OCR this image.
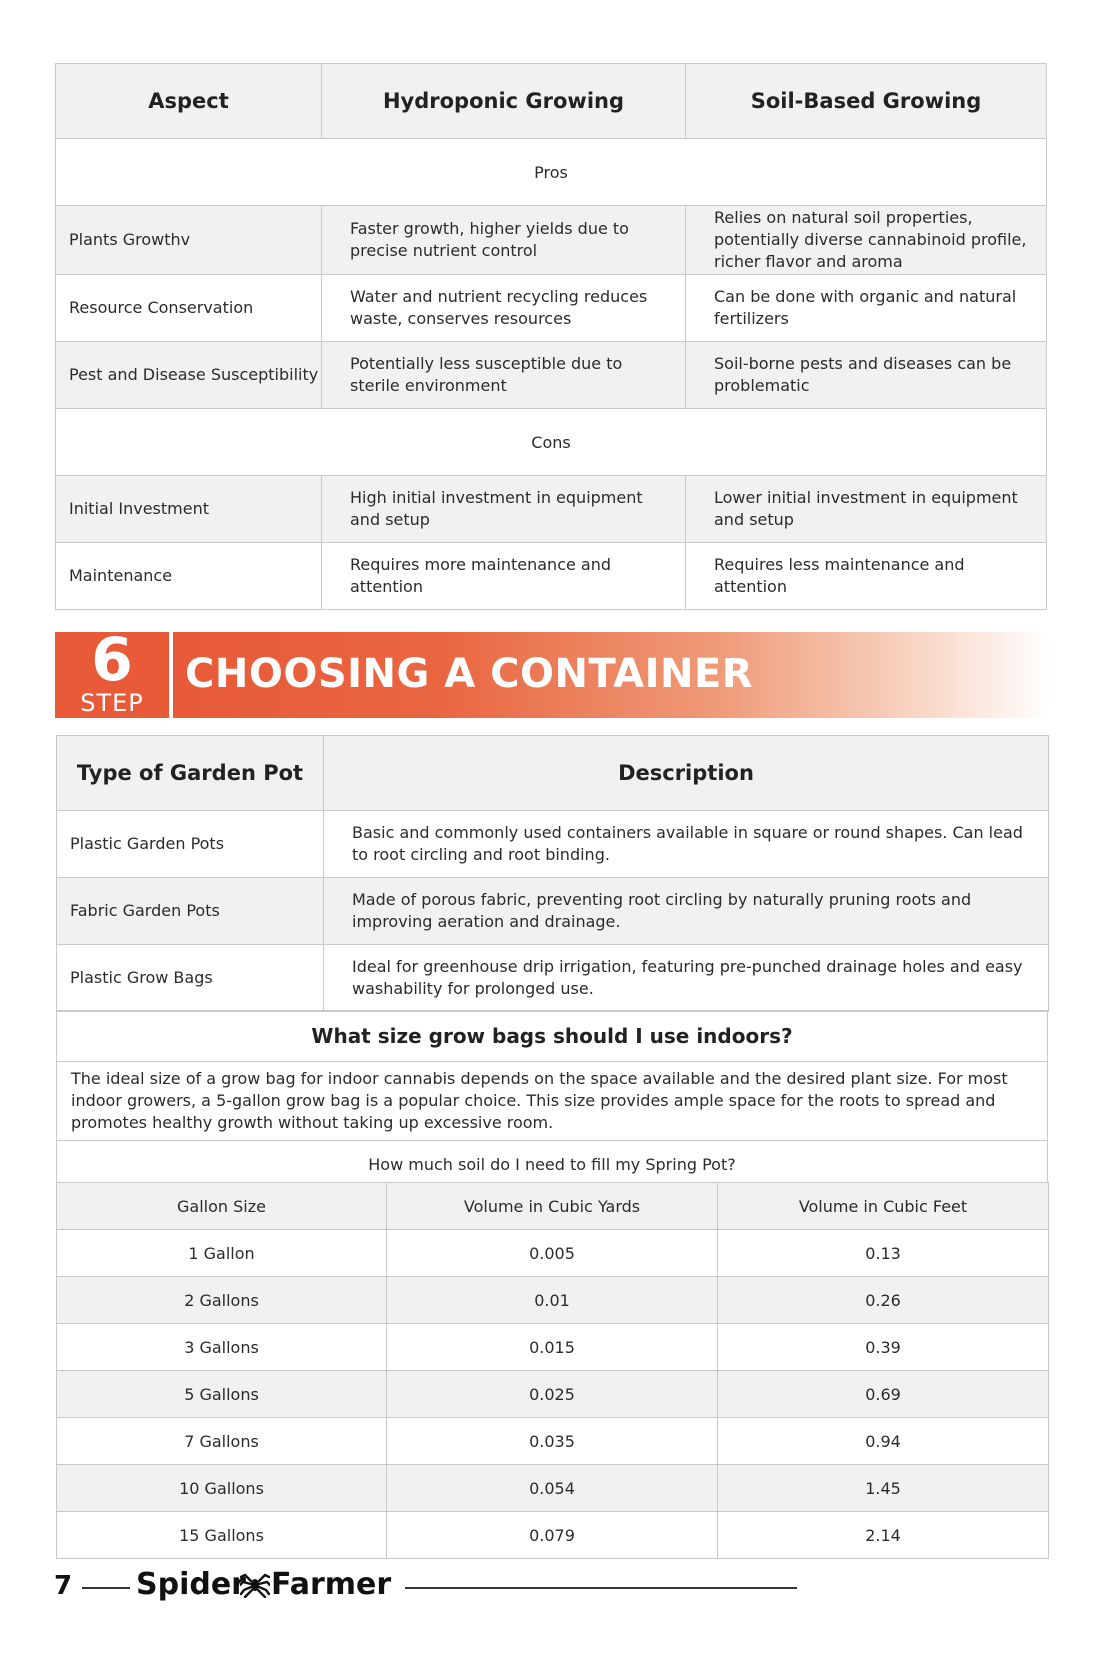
Aspect	Hydroponic Growing	Soil-Based Growing
Pros		
Plants Growthv	Faster growth, higher yields due to precise nutrient control	Relies on natural soil properties, potentially diverse cannabinoid profile, richer flavor and aroma
Resource Conservation	Water and nutrient recycling reduces waste, conserves resources	Can be done with organic and natural fertilizers
Pest and Disease Susceptibility	Potentially less susceptible due to sterile environment	Soil-borne pests and diseases can be problematic
Cons		
Initial Investment	High initial investment in equipment and setup	Lower initial investment in equipment and setup
Maintenance	Requires more maintenance and attention	Requires less maintenance and attention
6
STEP
CHOOSING A CONTAINER
Type of Garden Pot	Description
Plastic Garden Pots	Basic and commonly used containers available in square or round shapes. Can lead to root circling and root binding.
Fabric Garden Pots	Made of porous fabric, preventing root circling by naturally pruning roots and improving aeration and drainage.
Plastic Grow Bags	Ideal for greenhouse drip irrigation, featuring pre-punched drainage holes and easy washability for prolonged use.
What size grow bags should I use indoors?
The ideal size of a grow bag for indoor cannabis depends on the space available and the desired plant size. For most indoor growers, a 5-gallon grow bag is a popular choice. This size provides ample space for the roots to spread and promotes healthy growth without taking up excessive room.
How much soil do I need to fill my Spring Pot?
Gallon Size	Volume in Cubic Yards	Volume in Cubic Feet
1 Gallon	0.005	0.13
2 Gallons	0.01	0.26
3 Gallons	0.015	0.39
5 Gallons	0.025	0.69
7 Gallons	0.035	0.94
10 Gallons	0.054	1.45
15 Gallons	0.079	2.14
7 Spider Farmer
